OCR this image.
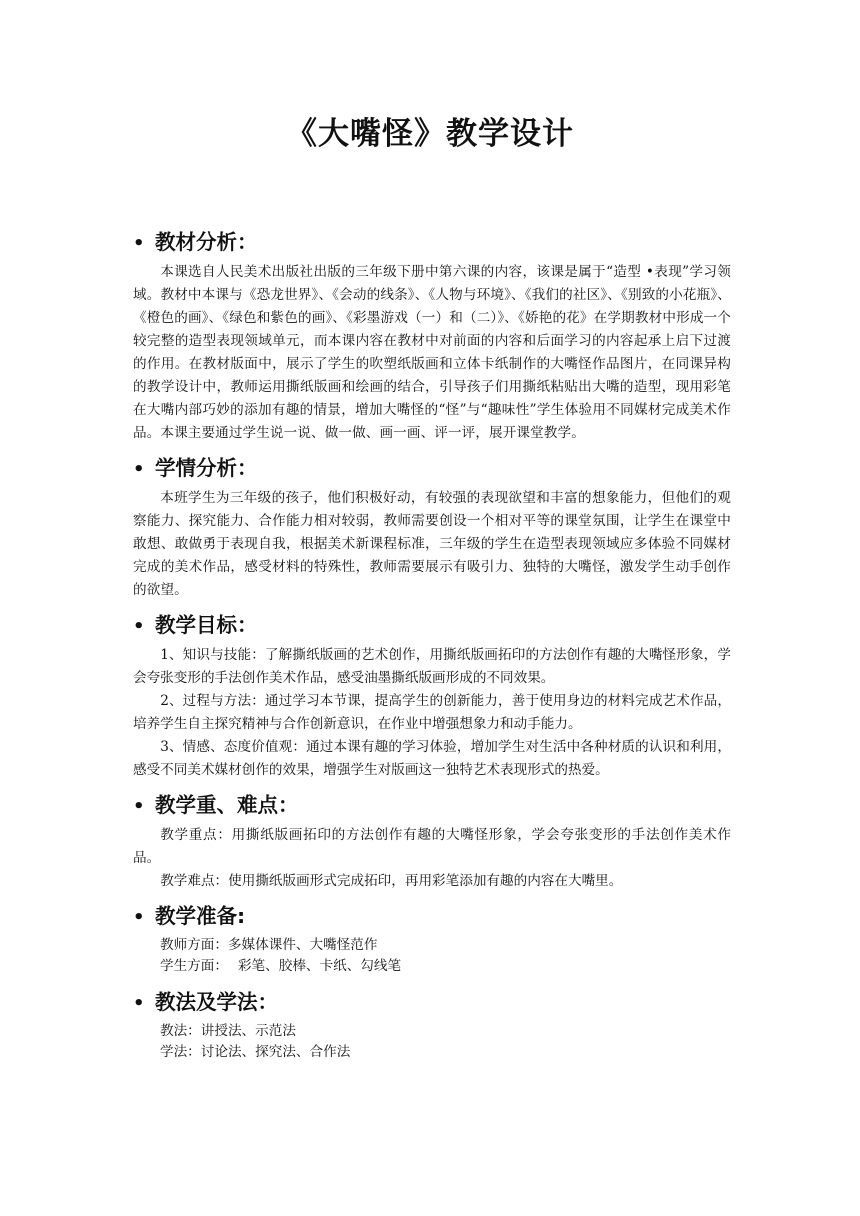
《大嘴怪》教学设计
• 教材分析：

本课选自人民美术出版社出版的三年级下册中第六课的内容，该课是属于“造型 •表现”学习领域。教材中本课与《恐龙世界》、《会动的线条》、《人物与环境》、《我们的社区》、《别致的小花瓶》、《橙色的画》、《绿色和紫色的画》、《彩墨游戏（一）和（二）》、《娇艳的花》在学期教材中形成一个较完整的造型表现领域单元，而本课内容在教材中对前面的内容和后面学习的内容起承上启下过渡的作用。在教材版面中，展示了学生的吹塑纸版画和立体卡纸制作的大嘴怪作品图片，在同课异构的教学设计中，教师运用撕纸版画和绘画的结合，引导孩子们用撕纸粘贴出大嘴的造型，现用彩笔在大嘴内部巧妙的添加有趣的情景，增加大嘴怪的“怪”与“趣味性”学生体验用不同媒材完成美术作品。本课主要通过学生说一说、做一做、画一画、评一评，展开课堂教学。

• 学情分析：

本班学生为三年级的孩子，他们积极好动，有较强的表现欲望和丰富的想象能力，但他们的观察能力、探究能力、合作能力相对较弱，教师需要创设一个相对平等的课堂氛围，让学生在课堂中敢想、敢做勇于表现自我，根据美术新课程标准，三年级的学生在造型表现领域应多体验不同媒材完成的美术作品，感受材料的特殊性，教师需要展示有吸引力、独特的大嘴怪，激发学生动手创作的欲望。

• 教学目标：

1、知识与技能：了解撕纸版画的艺术创作，用撕纸版画拓印的方法创作有趣的大嘴怪形象，学会夸张变形的手法创作美术作品，感受油墨撕纸版画形成的不同效果。

2、过程与方法：通过学习本节课，提高学生的创新能力，善于使用身边的材料完成艺术作品，培养学生自主探究精神与合作创新意识，在作业中增强想象力和动手能力。

3、情感、态度价值观：通过本课有趣的学习体验，增加学生对生活中各种材质的认识和利用，感受不同美术媒材创作的效果，增强学生对版画这一独特艺术表现形式的热爱。

• 教学重、难点：

教学重点：用撕纸版画拓印的方法创作有趣的大嘴怪形象，学会夸张变形的手法创作美术作品。

教学难点：使用撕纸版画形式完成拓印，再用彩笔添加有趣的内容在大嘴里。

• 教学准备:

教师方面：多媒体课件、大嘴怪范作

学生方面： 彩笔、胶棒、卡纸、勾线笔

• 教法及学法：

教法：讲授法、示范法

学法：讨论法、探究法、合作法
